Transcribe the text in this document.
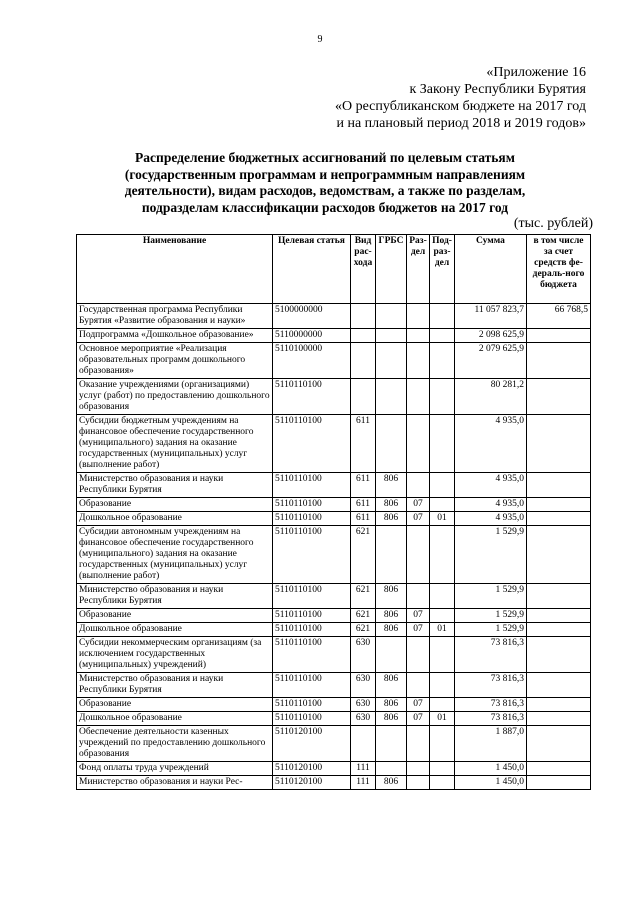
9
«Приложение 16
к Закону Республики Бурятия
«О республиканском бюджете на 2017 год
и на плановый период 2018 и 2019 годов»
Распределение бюджетных ассигнований по целевым статьям (государственным программам и непрограммным направлениям деятельности), видам расходов, ведомствам, а также по разделам, подразделам классификации расходов бюджетов на 2017 год
(тыс. рублей)
Наименование	Целевая статья	Вид рас-хода	ГРБС	Раз-дел	Под-раз-дел	Сумма	в том числе за счет средств фе-дераль-ного бюджета
Государственная программа Республики Бурятия «Развитие образования и науки»	5100000000					11 057 823,7	66 768,5
Подпрограмма «Дошкольное образование»	5110000000					2 098 625,9	
Основное мероприятие «Реализация образовательных программ дошкольного образования»	5110100000					2 079 625,9	
Оказание учреждениями (организациями) услуг (работ) по предоставлению дошкольного образования	5110110100					80 281,2	
Субсидии бюджетным учреждениям на финансовое обеспечение государственного (муниципального) задания на оказание государственных (муниципальных) услуг (выполнение работ)	5110110100	611				4 935,0	
Министерство образования и науки Республики Бурятия	5110110100	611	806			4 935,0	
Образование	5110110100	611	806	07		4 935,0	
Дошкольное образование	5110110100	611	806	07	01	4 935,0	
Субсидии автономным учреждениям на финансовое обеспечение государственного (муниципального) задания на оказание государственных (муниципальных) услуг (выполнение работ)	5110110100	621				1 529,9	
Министерство образования и науки Республики Бурятия	5110110100	621	806			1 529,9	
Образование	5110110100	621	806	07		1 529,9	
Дошкольное образование	5110110100	621	806	07	01	1 529,9	
Субсидии некоммерческим организациям (за исключением государственных (муниципальных) учреждений)	5110110100	630				73 816,3	
Министерство образования и науки Республики Бурятия	5110110100	630	806			73 816,3	
Образование	5110110100	630	806	07		73 816,3	
Дошкольное образование	5110110100	630	806	07	01	73 816,3	
Обеспечение деятельности казенных учреждений по предоставлению дошкольного образования	5110120100					1 887,0	
Фонд оплаты труда учреждений	5110120100	111				1 450,0	
Министерство образования и науки Рес-	5110120100	111	806			1 450,0	
